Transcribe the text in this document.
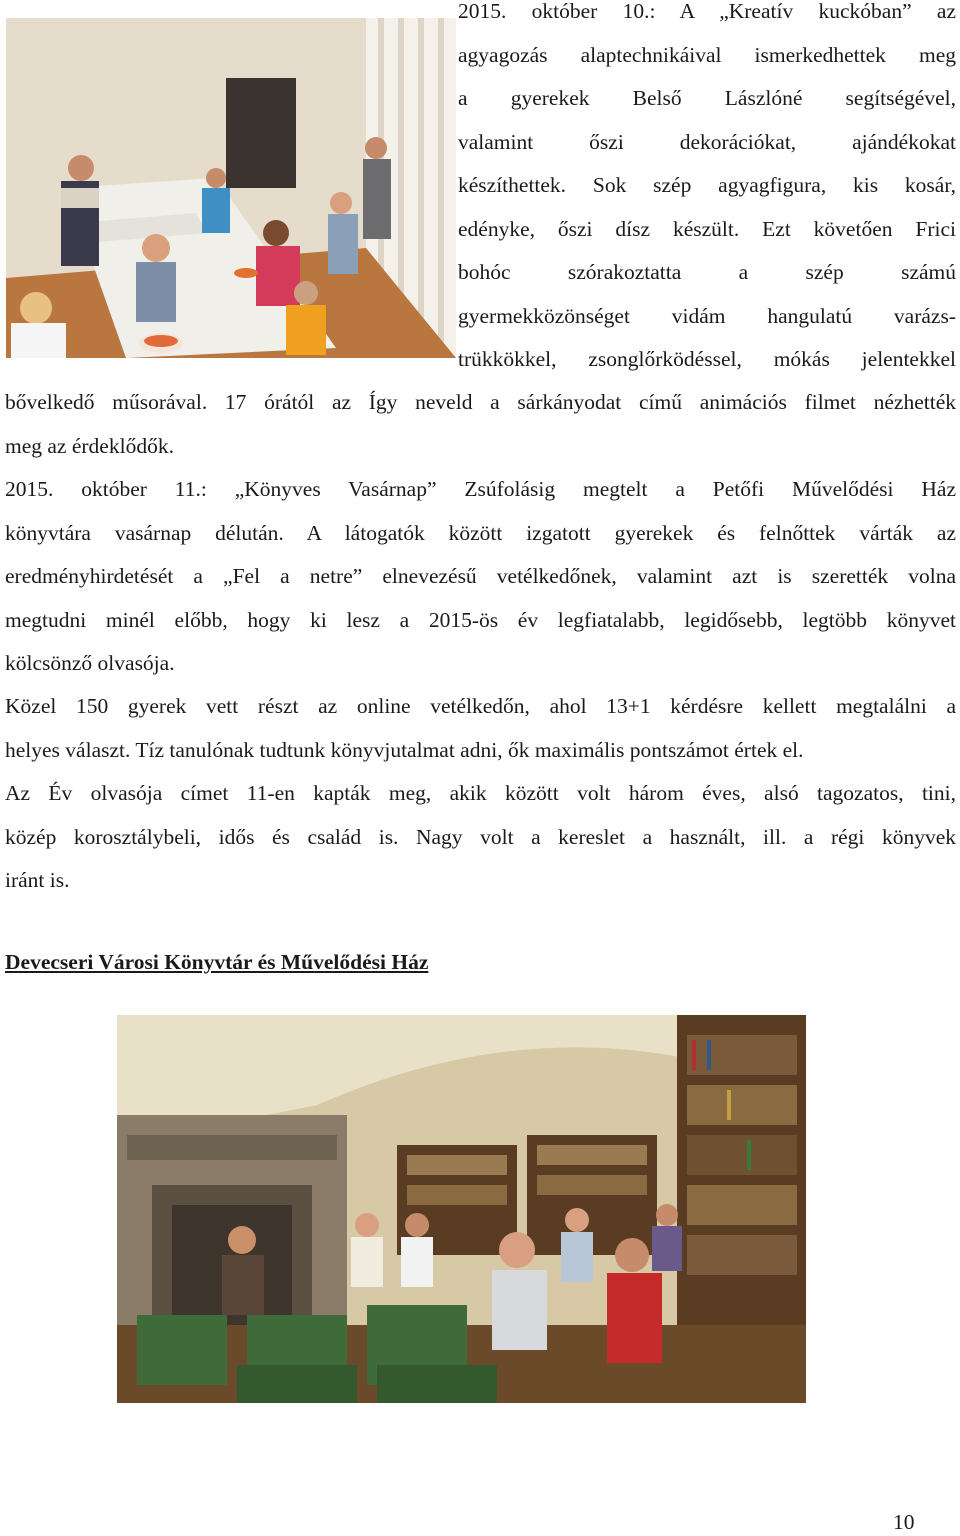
2015. október 10.: A „Kreatív kuckóban” az
agyagozás alaptechnikáival ismerkedhettek meg
a gyerekek Belső Lászlóné segítségével,
valamint őszi dekorációkat, ajándékokat
készíthettek. Sok szép agyagfigura, kis kosár,
edényke, őszi dísz készült. Ezt követően Frici
bohóc szórakoztatta a szép számú
gyermekközönséget vidám hangulatú varázs-
trükkökkel, zsonglőrködéssel, mókás jelentekkel
bővelkedő műsorával. 17 órától az Így neveld a sárkányodat című animációs filmet nézhették
meg az érdeklődők.
2015. október 11.: „Könyves Vasárnap” Zsúfolásig megtelt a Petőfi Művelődési Ház
könyvtára vasárnap délután. A látogatók között izgatott gyerekek és felnőttek várták az
eredményhirdetését a „Fel a netre” elnevezésű vetélkedőnek, valamint azt is szerették volna
megtudni minél előbb, hogy ki lesz a 2015-ös év legfiatalabb, legidősebb, legtöbb könyvet
kölcsönző olvasója.
Közel 150 gyerek vett részt az online vetélkedőn, ahol 13+1 kérdésre kellett megtalálni a
helyes választ. Tíz tanulónak tudtunk könyvjutalmat adni, ők maximális pontszámot értek el.
Az Év olvasója címet 11-en kapták meg, akik között volt három éves, alsó tagozatos, tini,
közép korosztálybeli, idős és család is. Nagy volt a kereslet a használt, ill. a régi könyvek
iránt is.
Devecseri Városi Könyvtár és Művelődési Ház
10
